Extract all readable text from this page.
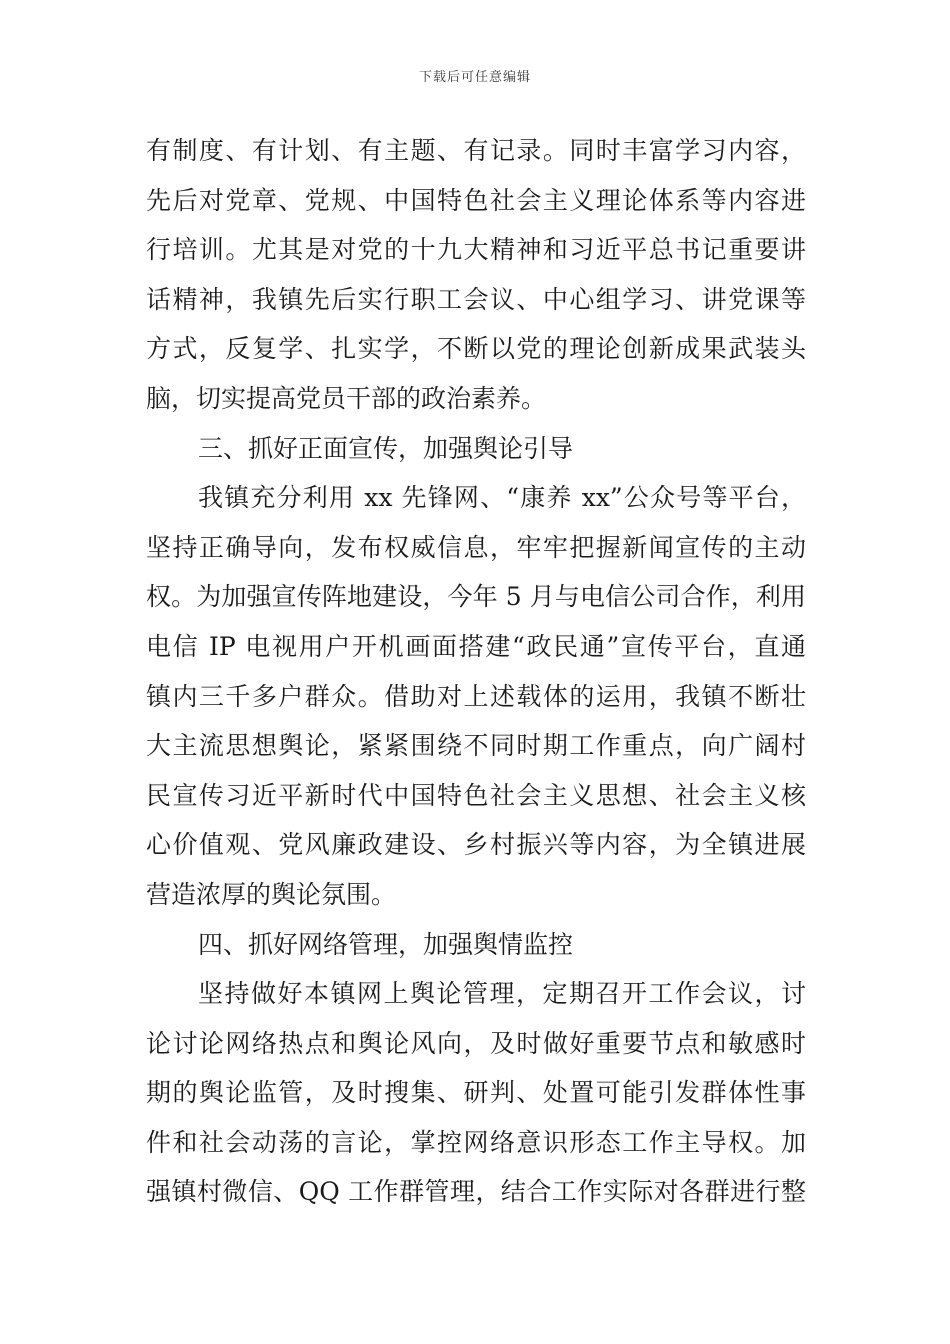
下载后可任意编辑
有制度、有计划、有主题、有记录。同时丰富学习内容，
先后对党章、党规、中国特色社会主义理论体系等内容进
行培训。尤其是对党的十九大精神和习近平总书记重要讲
话精神，我镇先后实行职工会议、中心组学习、讲党课等
方式，反复学、扎实学，不断以党的理论创新成果武装头
脑，切实提高党员干部的政治素养。
三、抓好正面宣传，加强舆论引导
我镇充分利用 xx 先锋网、“康养 xx”公众号等平台，
坚持正确导向，发布权威信息，牢牢把握新闻宣传的主动
权。为加强宣传阵地建设，今年 5 月与电信公司合作，利用
电信 IP 电视用户开机画面搭建“政民通”宣传平台，直通
镇内三千多户群众。借助对上述载体的运用，我镇不断壮
大主流思想舆论，紧紧围绕不同时期工作重点，向广阔村
民宣传习近平新时代中国特色社会主义思想、社会主义核
心价值观、党风廉政建设、乡村振兴等内容，为全镇进展
营造浓厚的舆论氛围。
四、抓好网络管理，加强舆情监控
坚持做好本镇网上舆论管理，定期召开工作会议，讨
论讨论网络热点和舆论风向，及时做好重要节点和敏感时
期的舆论监管，及时搜集、研判、处置可能引发群体性事
件和社会动荡的言论，掌控网络意识形态工作主导权。加
强镇村微信、QQ 工作群管理，结合工作实际对各群进行整
